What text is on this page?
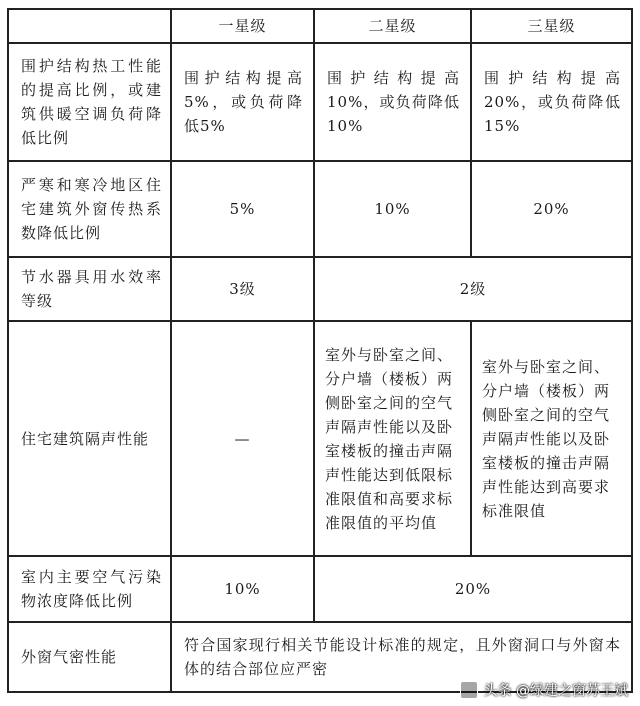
	一星级	二星级	三星级
围护结构热工性能的提高比例，或建筑供暖空调负荷降低比例	围护结构提高5%，或负荷降低5%	围护结构提高10%，或负荷降低10%	围护结构提高20%，或负荷降低15%
严寒和寒冷地区住宅建筑外窗传热系数降低比例	5%	10%	20%
节水器具用水效率等级	3级	2级	
住宅建筑隔声性能	—	室外与卧室之间、分户墙（楼板）两侧卧室之间的空气声隔声性能以及卧室楼板的撞击声隔声性能达到低限标准限值和高要求标准限值的平均值	室外与卧室之间、分户墙（楼板）两侧卧室之间的空气声隔声性能以及卧室楼板的撞击声隔声性能达到高要求标准限值
室内主要空气污染物浓度降低比例	10%	20%	
外窗气密性能	符合国家现行相关节能设计标准的规定，且外窗洞口与外窗本体的结合部位应严密		
头条 @绿建之窗苏王斌
